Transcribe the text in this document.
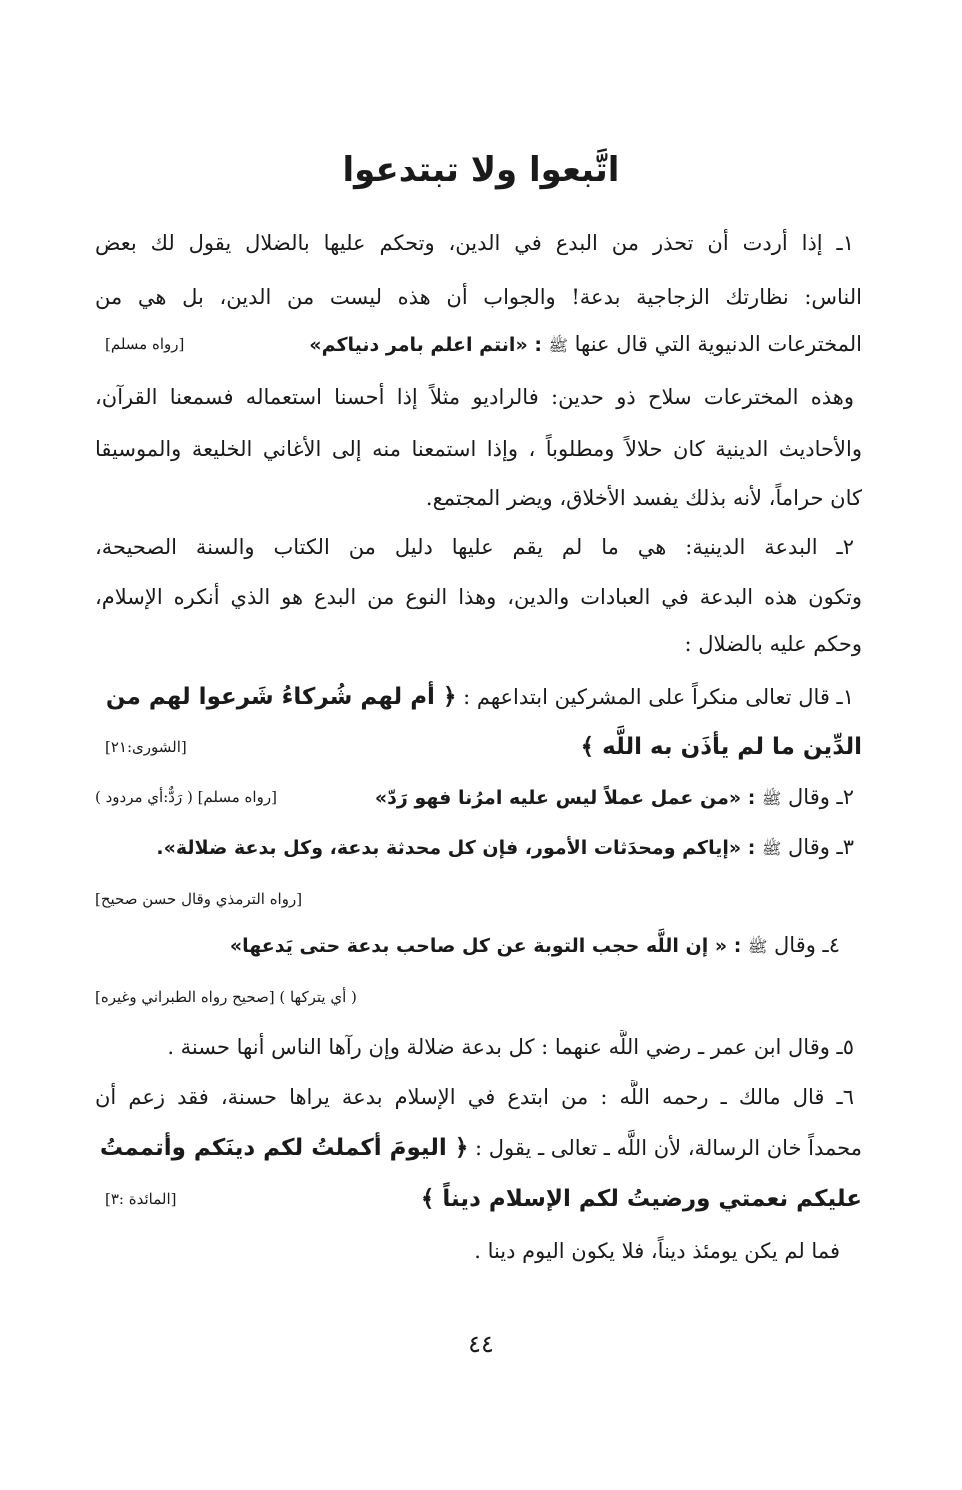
اتَّبعوا ولا تبتدعوا
١ـ إذا أردت أن تحذر من البدع في الدين، وتحكم عليها بالضلال يقول لك بعض
الناس: نظارتك الزجاجية بدعة! والجواب أن هذه ليست من الدين، بل هي من
المخترعات الدنيوية التي قال عنها ﷺ : «انتم اعلم بامر دنياكم»
[رواه مسلم]
وهذه المخترعات سلاح ذو حدين: فالراديو مثلاً إذا أحسنا استعماله فسمعنا القرآن،
والأحاديث الدينية كان حلالاً ومطلوباً ، وإذا استمعنا منه إلى الأغاني الخليعة والموسيقا
كان حراماً، لأنه بذلك يفسد الأخلاق، ويضر المجتمع.
٢ـ البدعة الدينية: هي ما لم يقم عليها دليل من الكتاب والسنة الصحيحة،
وتكون هذه البدعة في العبادات والدين، وهذا النوع من البدع هو الذي أنكره الإسلام،
وحكم عليه بالضلال :
١ـ قال تعالى منكراً على المشركين ابتداعهم : ﴿ أم لهم شُركاءُ شَرعوا لهم من
الدِّين ما لم يأذَن به اللَّه ﴾
[الشورى:٢١]
٢ـ وقال ﷺ : «من عمل عملاً ليس عليه امرُنا فهو رَدّ»
[رواه مسلم] ( رَدٌّ:أي مردود )
٣ـ وقال ﷺ : «إياكم ومحدَثات الأمور، فإن كل محدثة بدعة، وكل بدعة ضلالة».
[رواه الترمذي وقال حسن صحيح]
٤ـ وقال ﷺ : « إن اللَّه حجب التوبة عن كل صاحب بدعة حتى يَدعها»
( أي يتركها ) [صحيح رواه الطبراني وغيره]
٥ـ وقال ابن عمر ـ رضي اللَّه عنهما : كل بدعة ضلالة وإن رآها الناس أنها حسنة .
٦ـ قال مالك ـ رحمه اللَّه : من ابتدع في الإسلام بدعة يراها حسنة، فقد زعم أن
محمداً خان الرسالة، لأن اللَّه ـ تعالى ـ يقول : ﴿ اليومَ أكملتُ لكم دينَكم وأتممتُ
عليكم نعمتي ورضيتُ لكم الإسلام ديناً ﴾
[المائدة :٣]
فما لم يكن يومئذ ديناً، فلا يكون اليوم دينا .
٤٤
